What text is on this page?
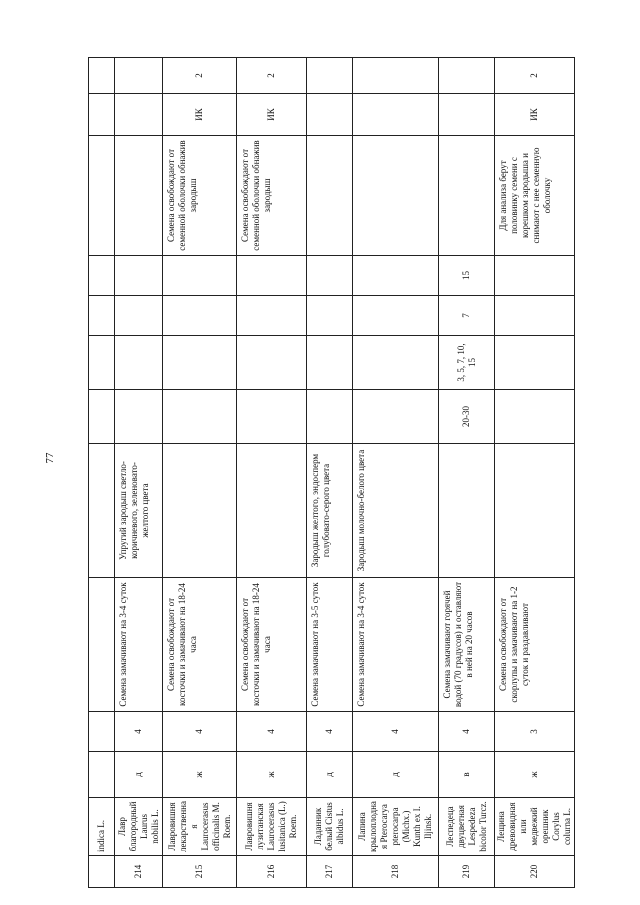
77
	indica L.											
214	Лавр благородный Laurus nobilis L.	д	4	Семена замачивают на 3-4 суток	Упругий зародыш светло-коричневого, зеленовато-желтого цвета							
215	Лавровишня лекарственная Laurocerasus officinalis M. Roem.	ж	4	Семена освобождают от косточки и замачивают на 18-24 часа						Семена освобождают от семенной оболочки обнажив зародыш	ИК	2
216	Лавровишня лузитанская Laurocerasus lusitanica (L.) Roem.	ж	4	Семена освобождают от косточки и замачивают на 18-24 часа						Семена освобождают от семенной оболочки обнажив зародыш	ИК	2
217	Ладанник белый Cistus albidus L.	д	4	Семена замачивают на 3-5 суток	Зародыш желтого, эндосперм голубовато-серого цвета							
218	Лапина крылоплодная Pterocarya pterocarpa (Michx.) Kunth ex I. Iljinsk.	д	4	Семена замачивают на 3-4 суток	Зародыш молочно-белого цвета							
219	Леспедеца двуцветная Lespedeza bicolor Turcz.	в	4	Семена замачивают горячей водой (70 градусов) и оставляют в ней на 20 часов		20-30	3, 5, 7, 10, 15	7	15			
220	Лещина древовидная или медвежий орешник Corylus colurna L.	ж	3	Семена освобождают от скорлупы и замачивают на 1-2 суток и раздавливают						Для анализа берут половинку семени с корешком зародыша и снимают с нее семенную оболочку	ИК	2
